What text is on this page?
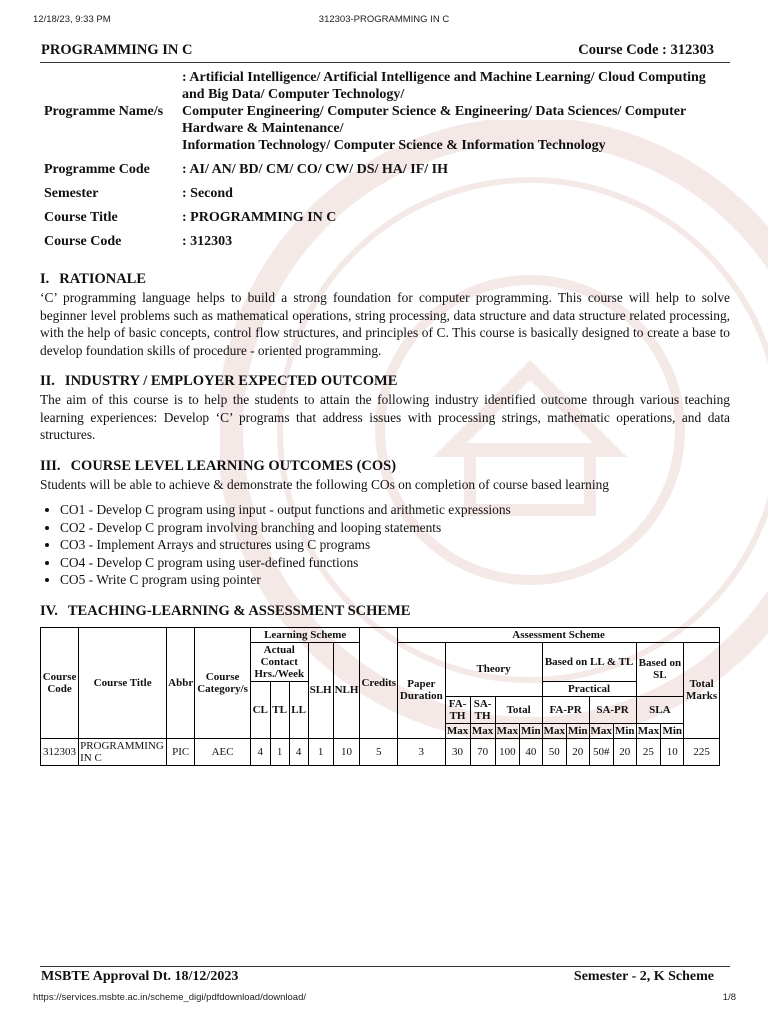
12/18/23, 9:33 PM	312303-PROGRAMMING IN C
PROGRAMMING IN C	Course Code : 312303
Programme Name/s	: Artificial Intelligence/ Artificial Intelligence and Machine Learning/ Cloud Computing and Big Data/ Computer Technology/
Computer Engineering/ Computer Science & Engineering/ Data Sciences/ Computer Hardware & Maintenance/
Information Technology/ Computer Science & Information Technology

Programme Code	: AI/ AN/ BD/ CM/ CO/ CW/ DS/ HA/ IF/ IH
Semester	: Second
Course Title	: PROGRAMMING IN C
Course Code	: 312303
I. RATIONALE

‘C’ programming language helps to build a strong foundation for computer programming. This course will help to solve beginner level problems such as mathematical operations, string processing, data structure and data structure related processing, with the help of basic concepts, control flow structures, and principles of C. This course is basically designed to create a base to develop foundation skills of procedure - oriented programming.

II. INDUSTRY / EMPLOYER EXPECTED OUTCOME

The aim of this course is to help the students to attain the following industry identified outcome through various teaching learning experiences: Develop ‘C’ programs that address issues with processing strings, mathematic operations, and data structures.

III. COURSE LEVEL LEARNING OUTCOMES (COS)

Students will be able to achieve & demonstrate the following COs on completion of course based learning

• CO1 - Develop C program using input - output functions and arithmetic expressions
• CO2 - Develop C program involving branching and looping statements
• CO3 - Implement Arrays and structures using C programs
• CO4 - Develop C program using user-defined functions
• CO5 - Write C program using pointer
IV. TEACHING-LEARNING & ASSESSMENT SCHEME
Course Code	Course Title	Abbr	Course Category/s	Learning Scheme					Credits	Assessment Scheme											
				Actual Contact Hrs./Week			SLH	NLH		Paper Duration	Theory				Based on LL & TL				Based on SL		Total Marks
				CL	TL	LL									Practical						
											FA-TH	SA-TH	Total		FA-PR		SA-PR		SLA		
											Max	Max	Max	Min	Max	Min	Max	Min	Max	Min	
312303	PROGRAMMING IN C	PIC	AEC	4	1	4	1	10	5	3	30	70	100	40	50	20	50#	20	25	10	225
MSBTE Approval Dt. 18/12/2023	Semester - 2, K Scheme
https://services.msbte.ac.in/scheme_digi/pdfdownload/download/	1/8
